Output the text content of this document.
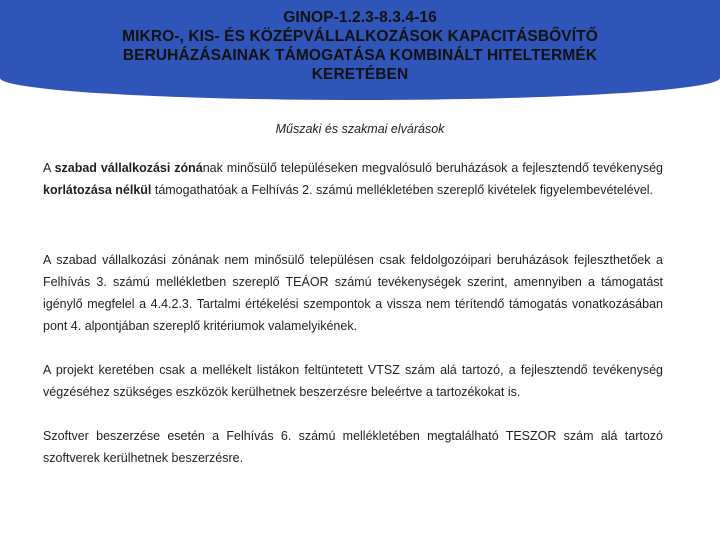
GINOP-1.2.3-8.3.4-16
MIKRO-, KIS- ÉS KÖZÉPVÁLLALKOZÁSOK KAPACITÁSBŐVÍTŐ
BERUHÁZÁSAINAK TÁMOGATÁSA KOMBINÁLT HITELTERMÉK
KERETÉBEN
Műszaki és szakmai elvárások

A szabad vállalkozási zónának minősülő településeken megvalósuló beruházások a fejlesztendő tevékenység korlátozása nélkül támogathatóak a Felhívás 2. számú mellékletében szereplő kivételek figyelembevételével.

A szabad vállalkozási zónának nem minősülő településen csak feldolgozóipari beruházások fejleszthetőek a Felhívás 3. számú mellékletben szereplő TEÁOR számú tevékenységek szerint, amennyiben a támogatást igénylő megfelel a 4.4.2.3. Tartalmi értékelési szempontok a vissza nem térítendő támogatás vonatkozásában pont 4. alpontjában szereplő kritériumok valamelyikének.

A projekt keretében csak a mellékelt listákon feltüntetett VTSZ szám alá tartozó, a fejlesztendő tevékenység végzéséhez szükséges eszközök kerülhetnek beszerzésre beleértve a tartozékokat is.

Szoftver beszerzése esetén a Felhívás 6. számú mellékletében megtalálható TESZOR szám alá tartozó szoftverek kerülhetnek beszerzésre.
